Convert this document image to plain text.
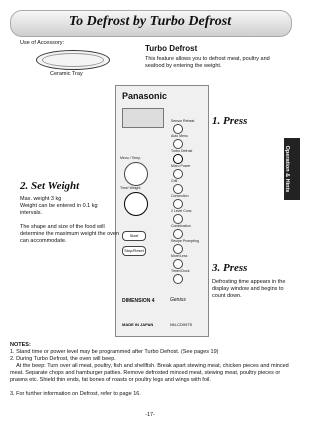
To Defrost by Turbo Defrost
Use of Accessory:
Ceramic Tray
Turbo Defrost
This feature allows you to defrost meat, poultry and seafood by entering the weight.
Panasonic
Sensor Reheat
Auto Menu
Turbo Defrost
Micro Power
Grill
Convection
2 Level Conv.
Combination
Recipe Prompting
More/Less
Timer/Clock
Menu / Temp.
Time/ Weight
Start
Stop/Reset
DIMENSION 4	Genius
MADE IN JAPAN	NN-CD997S
1. Press
2. Set Weight
Max. weight 3 kg
Weight can be entered in 0.1 kg intervals.

The shape and size of the food will determine the maximum weight the oven can accommodate.
3. Press
Defrosting time appears in the display window and begins to count down.
Operation & Hints
NOTES:
1. Stand time or power level may be programmed after Turbo Defrost. (See pages 19)
2. During Turbo Defrost, the oven will beep.
At the beep: Turn over all meat, poultry, fish and shellfish. Break apart stewing meat, chicken pieces and minced meat. Separate chops and hamburger patties. Remove defrosted minced meat, stewing meat, poultry pieces or prawns etc. Shield thin ends, fat bones of roasts or poultry legs and wings with foil.
3. For further information on Defrost, refer to page 16.
-17-
